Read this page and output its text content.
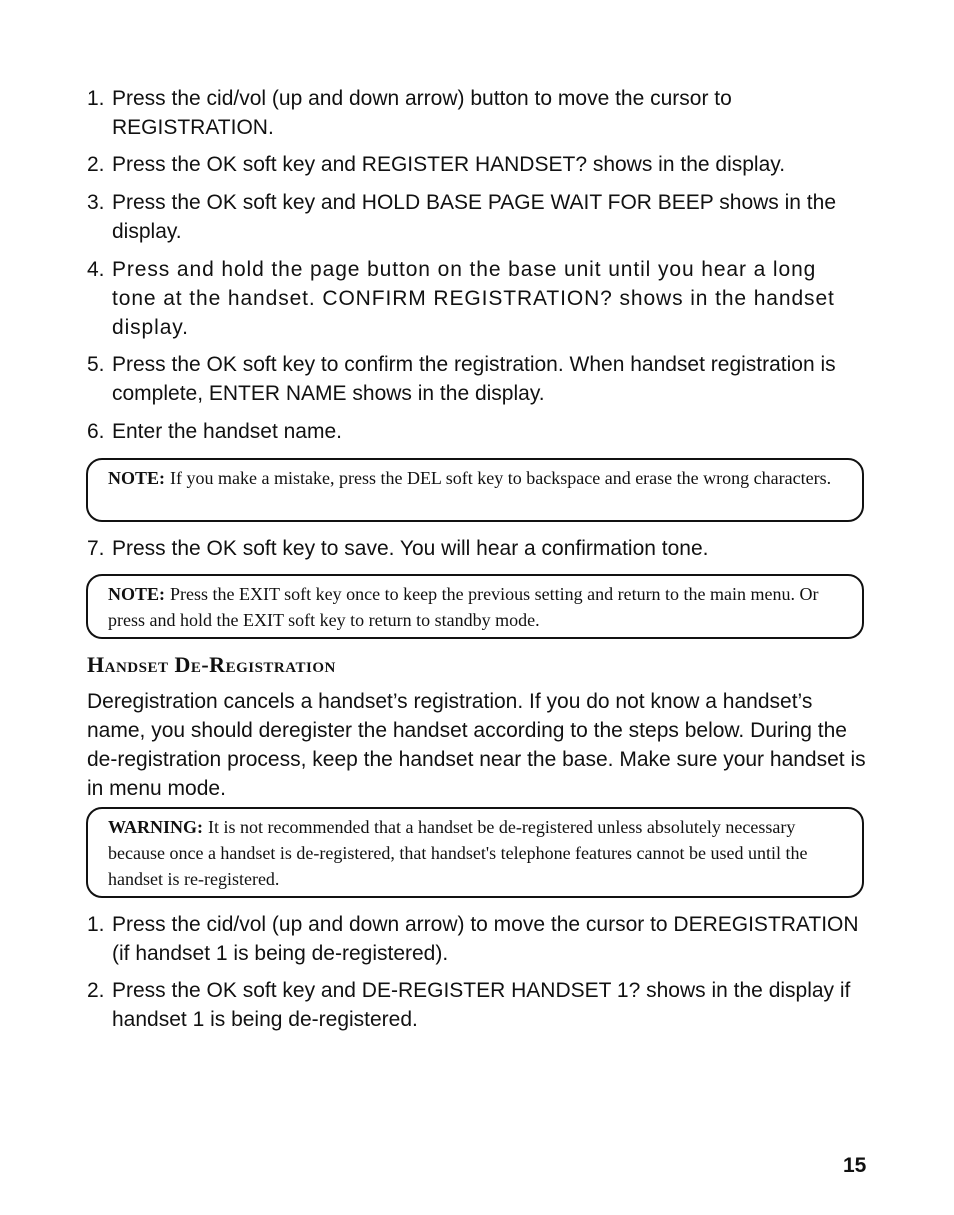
1. Press the cid/vol (up and down arrow) button to move the cursor to REGISTRATION.
2. Press the OK soft key and REGISTER HANDSET? shows in the display.
3. Press the OK soft key and HOLD BASE PAGE WAIT FOR BEEP shows in the display.
4. Press and hold the page button on the base unit until you hear a long tone at the handset. CONFIRM REGISTRATION? shows in the handset display.
5. Press the OK soft key to confirm the registration. When handset registration is complete, ENTER NAME shows in the display.
6. Enter the handset name.
NOTE: If you make a mistake, press the DEL soft key to backspace and erase the wrong characters.
7. Press the OK soft key to save. You will hear a confirmation tone.
NOTE: Press the EXIT soft key once to keep the previous setting and return to the main menu. Or press and hold the EXIT soft key to return to standby mode.
Handset De-Registration
Deregistration cancels a handset’s registration. If you do not know a handset’s name, you should deregister the handset according to the steps below. During the de-registration process, keep the handset near the base. Make sure your handset is in menu mode.
WARNING: It is not recommended that a handset be de-registered unless absolutely necessary because once a handset is de-registered, that handset's telephone features cannot be used until the handset is re-registered.
1. Press the cid/vol (up and down arrow) to move the cursor to DEREGISTRATION (if handset 1 is being de-registered).
2. Press the OK soft key and DE-REGISTER HANDSET 1? shows in the display if handset 1 is being de-registered.
15
